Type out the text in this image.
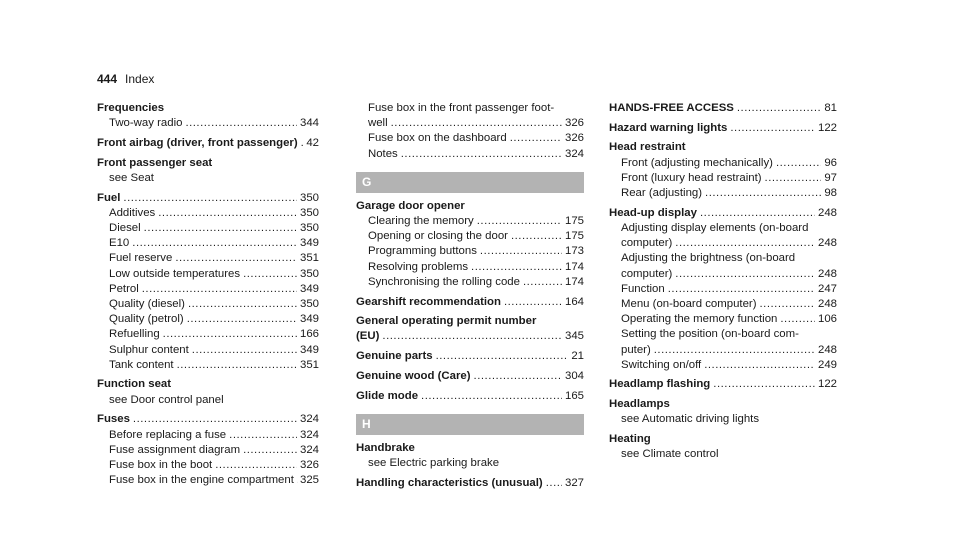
444 Index
Frequencies
Two-way radio .....	344
Front airbag (driver, front passenger) ..... 42
Front passenger seat
see Seat
Fuel .....	350
Additives .....	350
Diesel .....	350
E10 .....	349
Fuel reserve .....	351
Low outside temperatures .....	350
Petrol .....	349
Quality (diesel) .....	350
Quality (petrol) .....	349
Refuelling .....	166
Sulphur content .....	349
Tank content .....	351
Function seat
see Door control panel
Fuses .....	324
Before replacing a fuse .....	324
Fuse assignment diagram .....	324
Fuse box in the boot .....	326
Fuse box in the engine compartment ..... 325
Fuse box in the front passenger foot-
well .....	326
Fuse box on the dashboard .....	326
Notes .....	324
G
Garage door opener
Clearing the memory .....	175
Opening or closing the door .....	175
Programming buttons .....	173
Resolving problems .....	174
Synchronising the rolling code .....	174
Gearshift recommendation .....	164
General operating permit number
(EU) .....	345
Genuine parts .....	21
Genuine wood (Care) .....	304
Glide mode .....	165
H
Handbrake
see Electric parking brake
Handling characteristics (unusual) ..... 327
HANDS-FREE ACCESS .....	81
Hazard warning lights .....	122
Head restraint
Front (adjusting mechanically) .....	96
Front (luxury head restraint) .....	97
Rear (adjusting) .....	98
Head-up display .....	248
Adjusting display elements (on-board
computer) .....	248
Adjusting the brightness (on-board
computer) .....	248
Function .....	247
Menu (on-board computer) .....	248
Operating the memory function .....	106
Setting the position (on-board com-
puter) .....	248
Switching on/off .....	249
Headlamp flashing .....	122
Headlamps
see Automatic driving lights
Heating
see Climate control
